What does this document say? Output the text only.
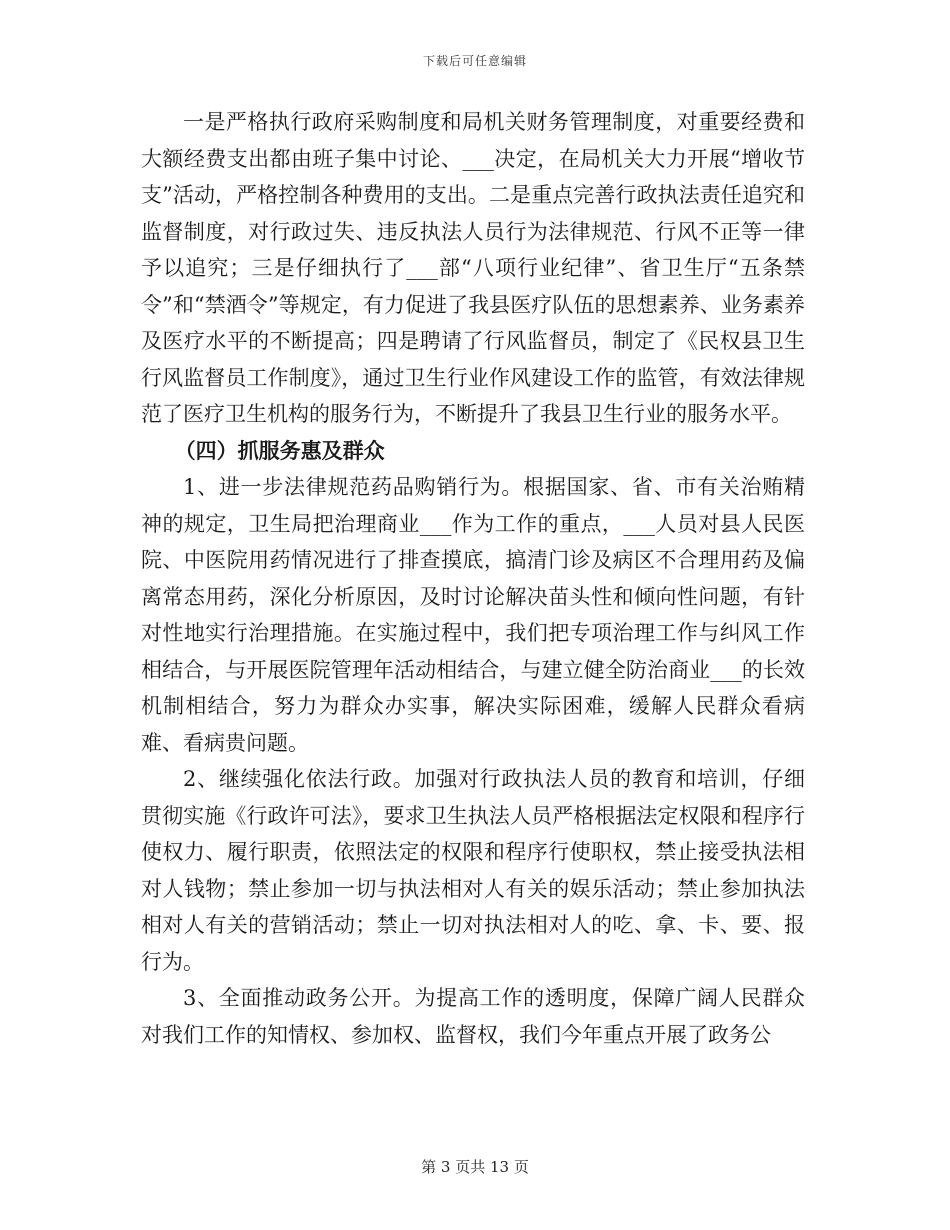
下载后可任意编辑

一是严格执行政府采购制度和局机关财务管理制度，对重要经费和大额经费支出都由班子集中讨论、___决定，在局机关大力开展“增收节支”活动，严格控制各种费用的支出。二是重点完善行政执法责任追究和监督制度，对行政过失、违反执法人员行为法律规范、行风不正等一律予以追究；三是仔细执行了___部“八项行业纪律”、省卫生厅“五条禁令”和“禁酒令”等规定，有力促进了我县医疗队伍的思想素养、业务素养及医疗水平的不断提高；四是聘请了行风监督员，制定了《民权县卫生行风监督员工作制度》，通过卫生行业作风建设工作的监管，有效法律规范了医疗卫生机构的服务行为，不断提升了我县卫生行业的服务水平。

（四）抓服务惠及群众

1、进一步法律规范药品购销行为。根据国家、省、市有关治贿精神的规定，卫生局把治理商业___作为工作的重点，___人员对县人民医院、中医院用药情况进行了排查摸底，搞清门诊及病区不合理用药及偏离常态用药，深化分析原因，及时讨论解决苗头性和倾向性问题，有针对性地实行治理措施。在实施过程中，我们把专项治理工作与纠风工作相结合，与开展医院管理年活动相结合，与建立健全防治商业___的长效机制相结合，努力为群众办实事，解决实际困难，缓解人民群众看病难、看病贵问题。

2、继续强化依法行政。加强对行政执法人员的教育和培训，仔细贯彻实施《行政许可法》，要求卫生执法人员严格根据法定权限和程序行使权力、履行职责，依照法定的权限和程序行使职权，禁止接受执法相对人钱物；禁止参加一切与执法相对人有关的娱乐活动；禁止参加执法相对人有关的营销活动；禁止一切对执法相对人的吃、拿、卡、要、报行为。

3、全面推动政务公开。为提高工作的透明度，保障广阔人民群众对我们工作的知情权、参加权、监督权，我们今年重点开展了政务公

第 3 页共 13 页
